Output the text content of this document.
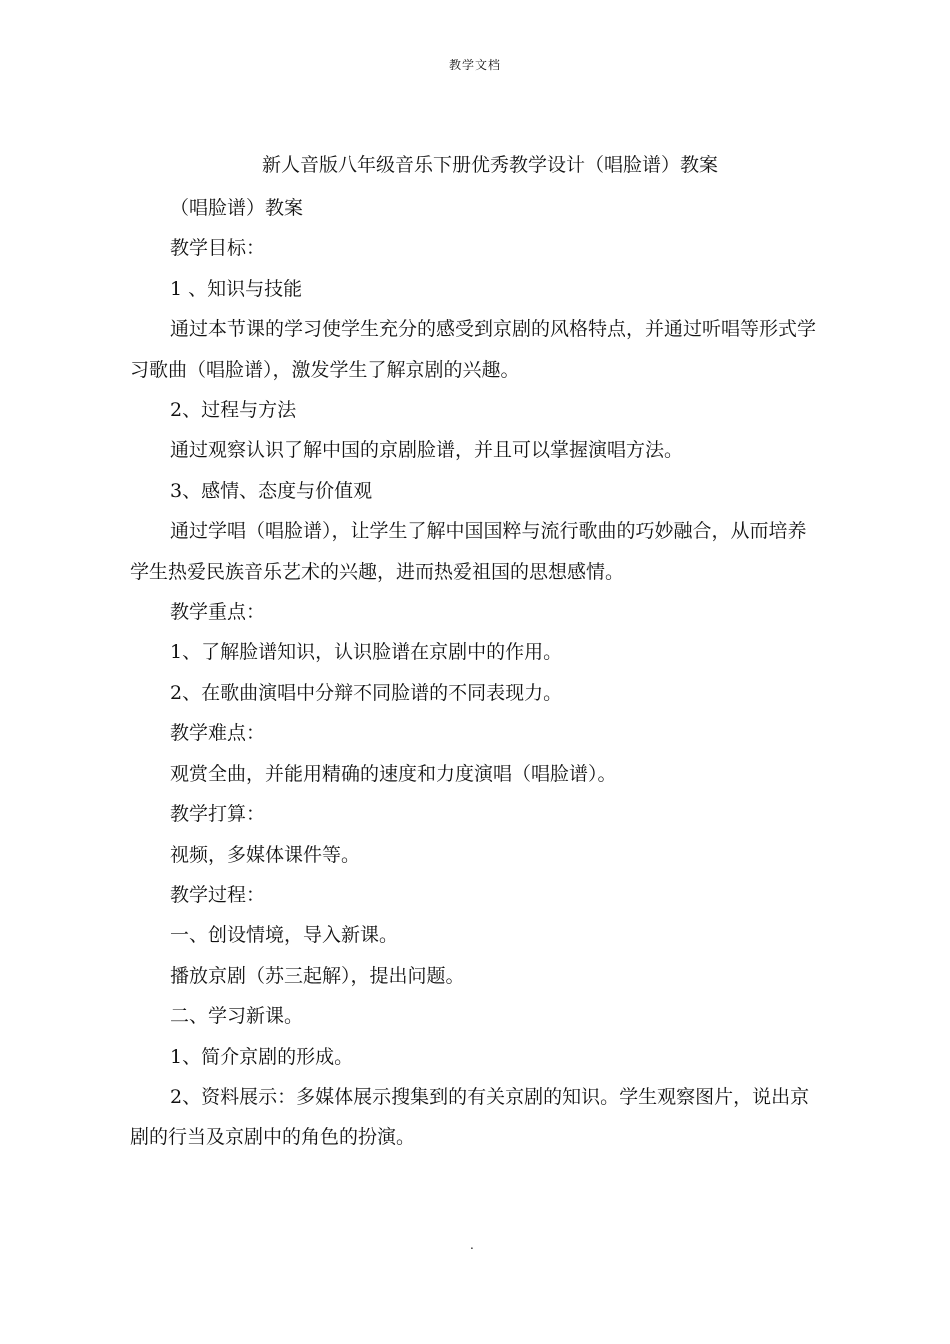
教学文档
新人音版八年级音乐下册优秀教学设计（唱脸谱）教案

（唱脸谱）教案

教学目标：

1 、知识与技能

通过本节课的学习使学生充分的感受到京剧的风格特点，并通过听唱等形式学习歌曲（唱脸谱），激发学生了解京剧的兴趣。

2、过程与方法

通过观察认识了解中国的京剧脸谱，并且可以掌握演唱方法。

3、感情、态度与价值观

通过学唱（唱脸谱），让学生了解中国国粹与流行歌曲的巧妙融合，从而培养学生热爱民族音乐艺术的兴趣，进而热爱祖国的思想感情。

教学重点：

1、了解脸谱知识，认识脸谱在京剧中的作用。

2、在歌曲演唱中分辩不同脸谱的不同表现力。

教学难点：

观赏全曲，并能用精确的速度和力度演唱（唱脸谱）。

教学打算：

视频，多媒体课件等。

教学过程：

一、创设情境，导入新课。

播放京剧（苏三起解），提出问题。

二、学习新课。

1、简介京剧的形成。

2、资料展示：多媒体展示搜集到的有关京剧的知识。学生观察图片，说出京剧的行当及京剧中的角色的扮演。

.
